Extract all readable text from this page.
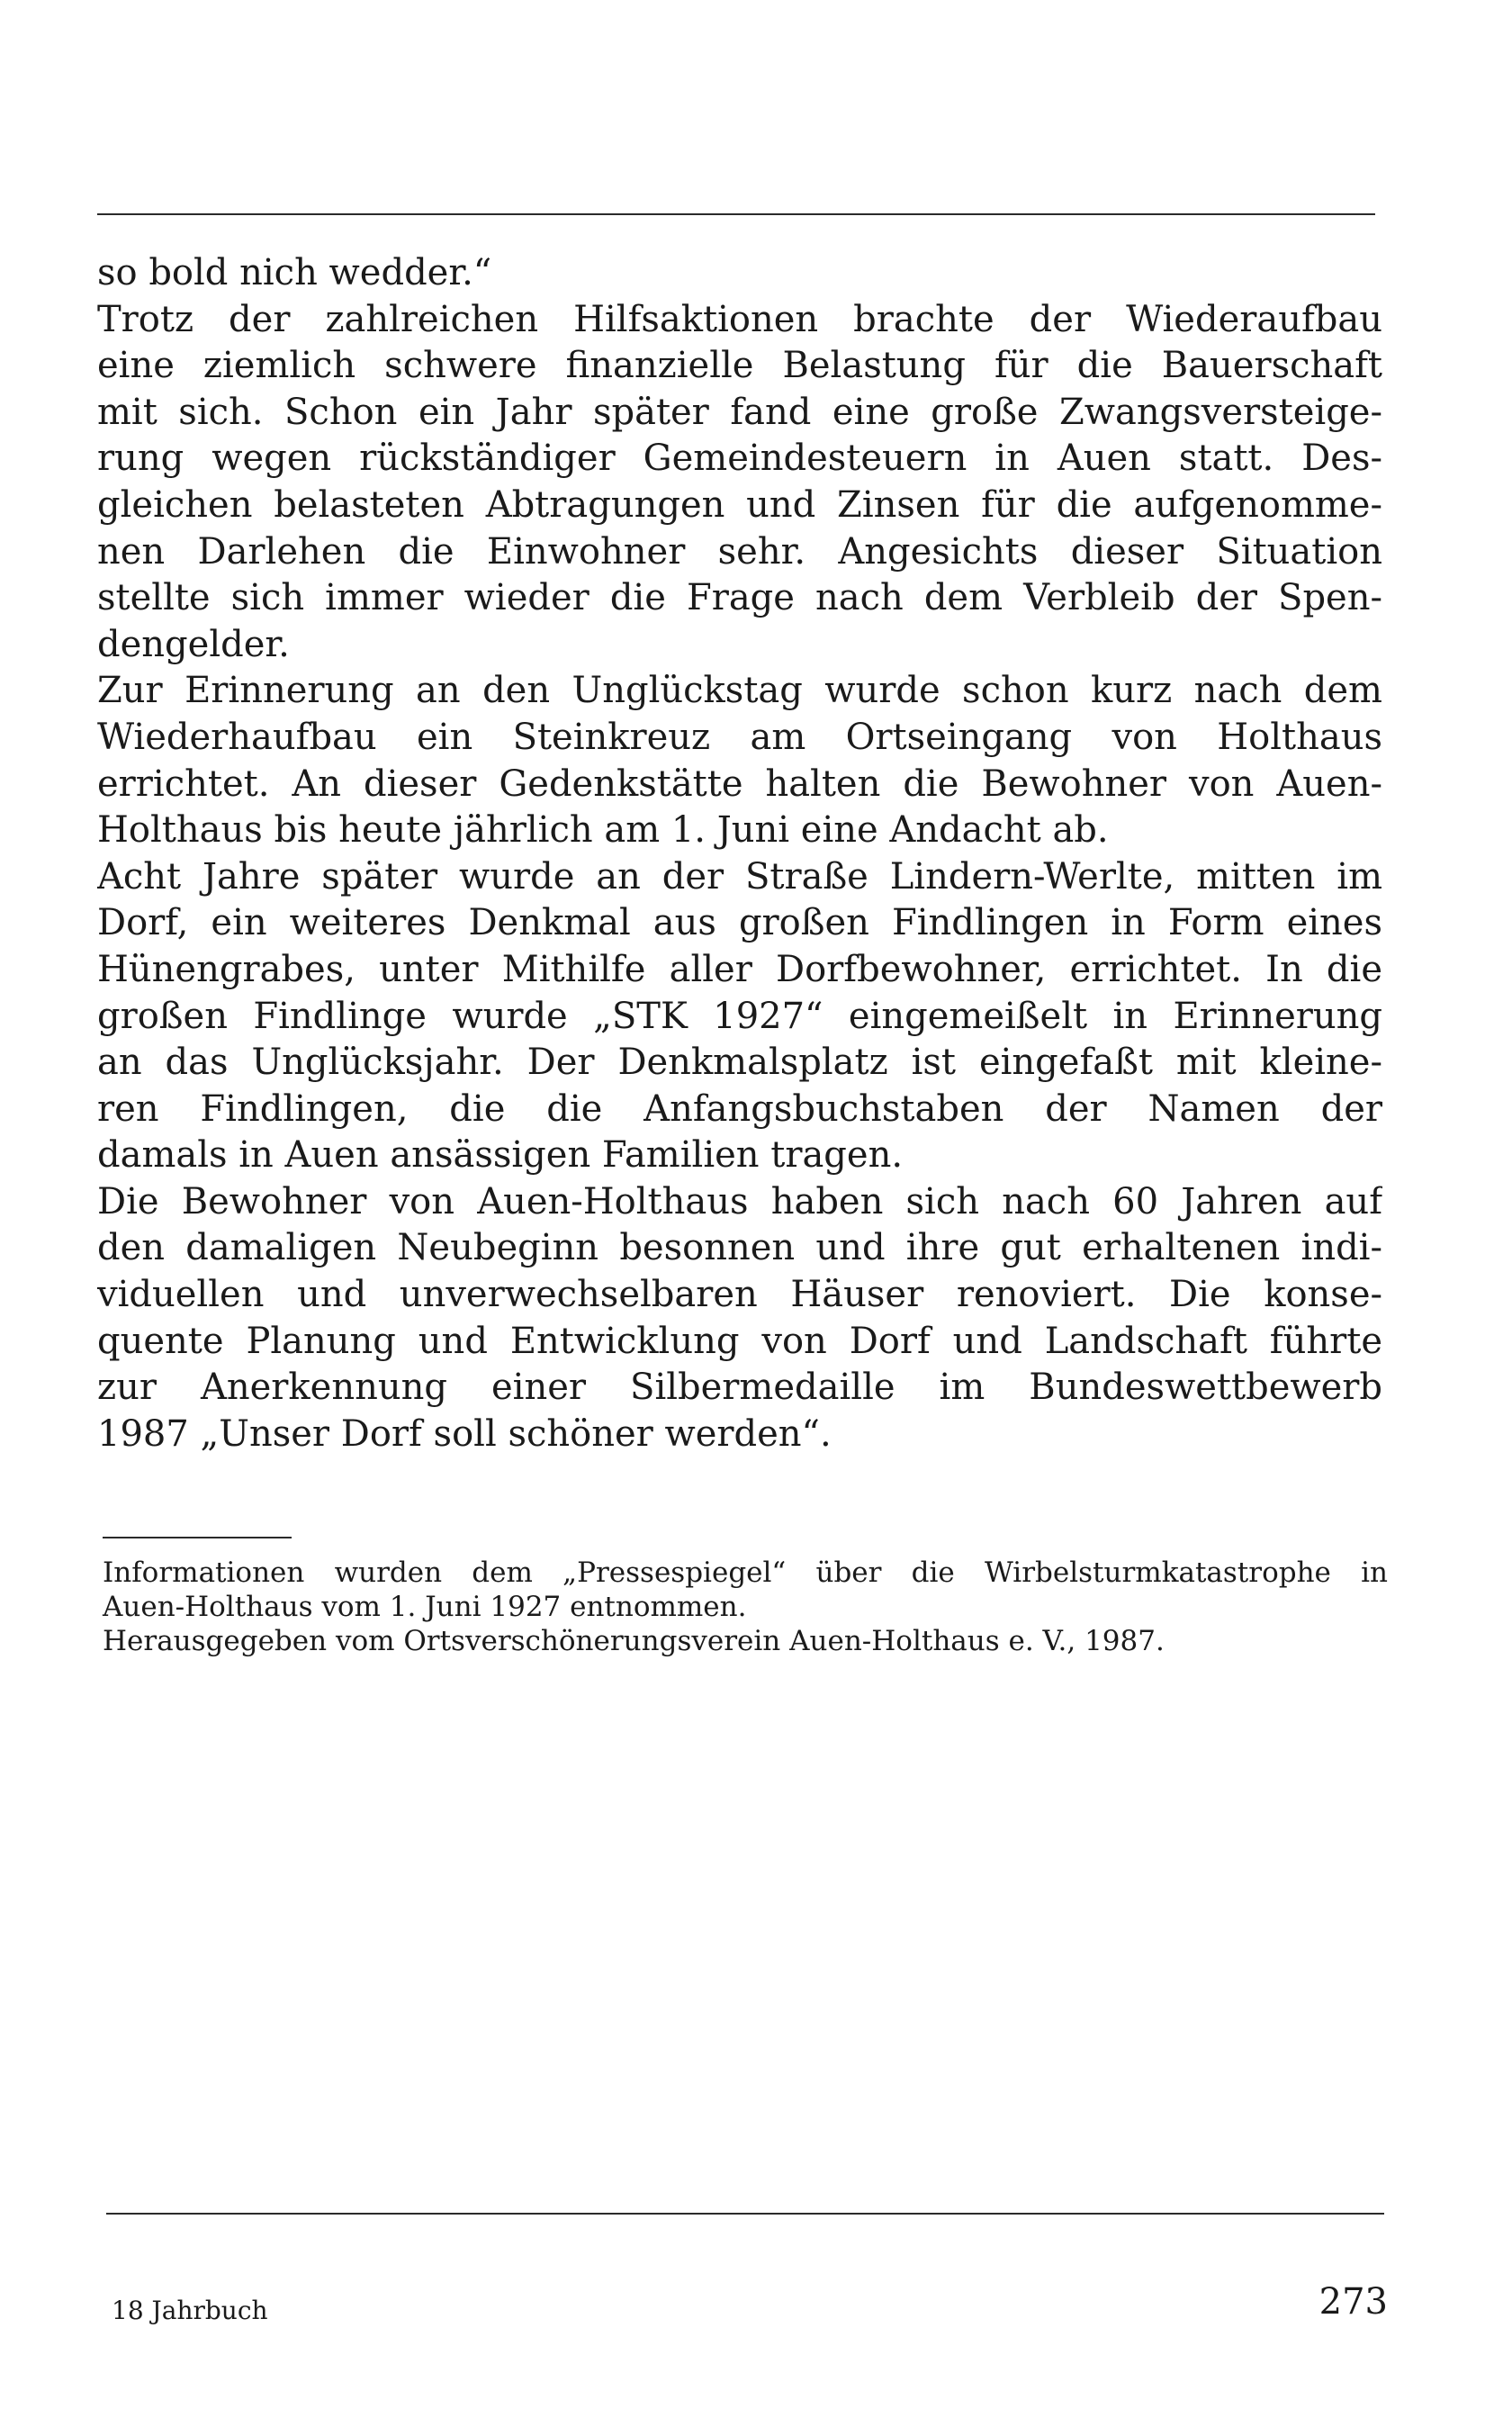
so bold nich wedder.“
Trotz der zahlreichen Hilfsaktionen brachte der Wiederaufbau
eine ziemlich schwere finanzielle Belastung für die Bauerschaft
mit sich. Schon ein Jahr später fand eine große Zwangsversteige-
rung wegen rückständiger Gemeindesteuern in Auen statt. Des-
gleichen belasteten Abtragungen und Zinsen für die aufgenomme-
nen Darlehen die Einwohner sehr. Angesichts dieser Situation
stellte sich immer wieder die Frage nach dem Verbleib der Spen-
dengelder.
Zur Erinnerung an den Unglückstag wurde schon kurz nach dem
Wiederhaufbau ein Steinkreuz am Ortseingang von Holthaus
errichtet. An dieser Gedenkstätte halten die Bewohner von Auen-
Holthaus bis heute jährlich am 1. Juni eine Andacht ab.
Acht Jahre später wurde an der Straße Lindern-Werlte, mitten im
Dorf, ein weiteres Denkmal aus großen Findlingen in Form eines
Hünengrabes, unter Mithilfe aller Dorfbewohner, errichtet. In die
großen Findlinge wurde „STK 1927“ eingemeißelt in Erinnerung
an das Unglücksjahr. Der Denkmalsplatz ist eingefaßt mit kleine-
ren Findlingen, die die Anfangsbuchstaben der Namen der
damals in Auen ansässigen Familien tragen.
Die Bewohner von Auen-Holthaus haben sich nach 60 Jahren auf
den damaligen Neubeginn besonnen und ihre gut erhaltenen indi-
viduellen und unverwechselbaren Häuser renoviert. Die konse-
quente Planung und Entwicklung von Dorf und Landschaft führte
zur Anerkennung einer Silbermedaille im Bundeswettbewerb
1987 „Unser Dorf soll schöner werden“.
Informationen wurden dem „Pressespiegel“ über die Wirbelsturmkatastrophe in
Auen-Holthaus vom 1. Juni 1927 entnommen.
Herausgegeben vom Ortsverschönerungsverein Auen-Holthaus e. V., 1987.
18 Jahrbuch	273
